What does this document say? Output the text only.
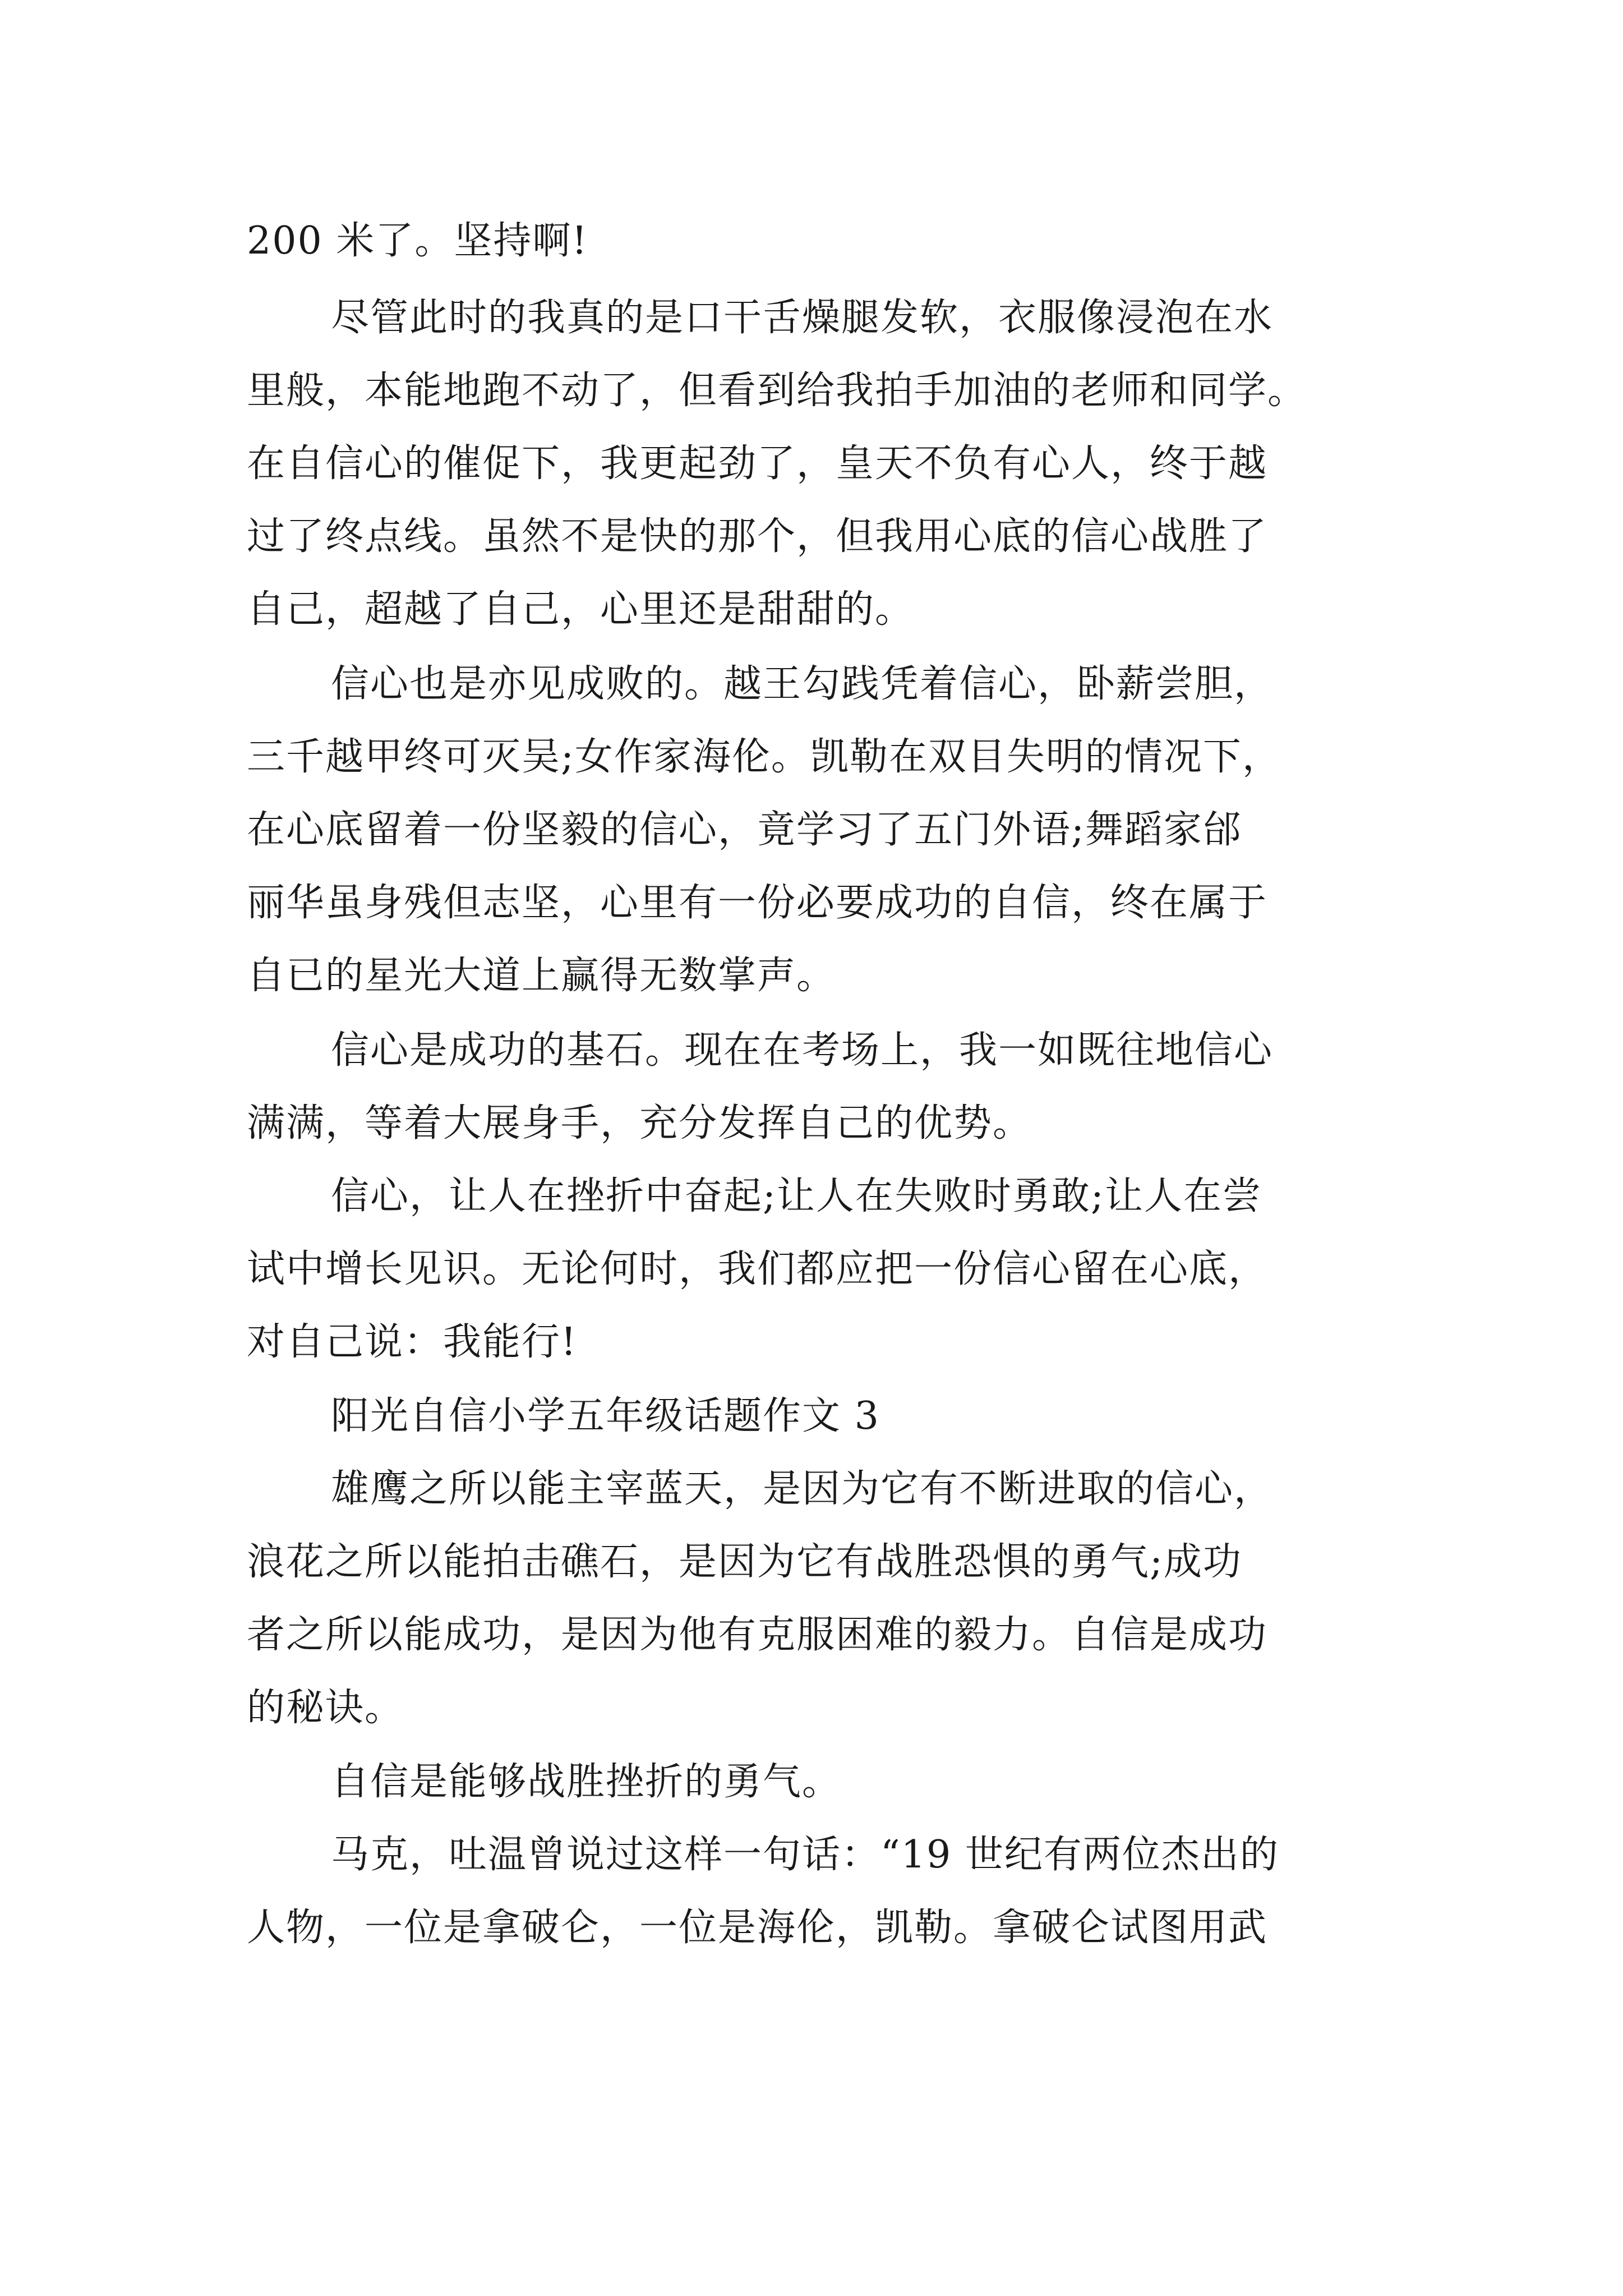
200 米了。坚持啊!
尽管此时的我真的是口干舌燥腿发软，衣服像浸泡在水
里般，本能地跑不动了，但看到给我拍手加油的老师和同学。
在自信心的催促下，我更起劲了，皇天不负有心人，终于越
过了终点线。虽然不是快的那个，但我用心底的信心战胜了
自己，超越了自己，心里还是甜甜的。
信心也是亦见成败的。越王勾践凭着信心，卧薪尝胆，
三千越甲终可灭吴;女作家海伦。凯勒在双目失明的情况下，
在心底留着一份坚毅的信心，竟学习了五门外语;舞蹈家邰
丽华虽身残但志坚，心里有一份必要成功的自信，终在属于
自已的星光大道上赢得无数掌声。
信心是成功的基石。现在在考场上，我一如既往地信心
满满，等着大展身手，充分发挥自己的优势。
信心，让人在挫折中奋起;让人在失败时勇敢;让人在尝
试中增长见识。无论何时，我们都应把一份信心留在心底，
对自己说：我能行!
阳光自信小学五年级话题作文 3
雄鹰之所以能主宰蓝天，是因为它有不断进取的信心，
浪花之所以能拍击礁石，是因为它有战胜恐惧的勇气;成功
者之所以能成功，是因为他有克服困难的毅力。自信是成功
的秘诀。
自信是能够战胜挫折的勇气。
马克，吐温曾说过这样一句话：“19 世纪有两位杰出的
人物，一位是拿破仑，一位是海伦，凯勒。拿破仑试图用武
